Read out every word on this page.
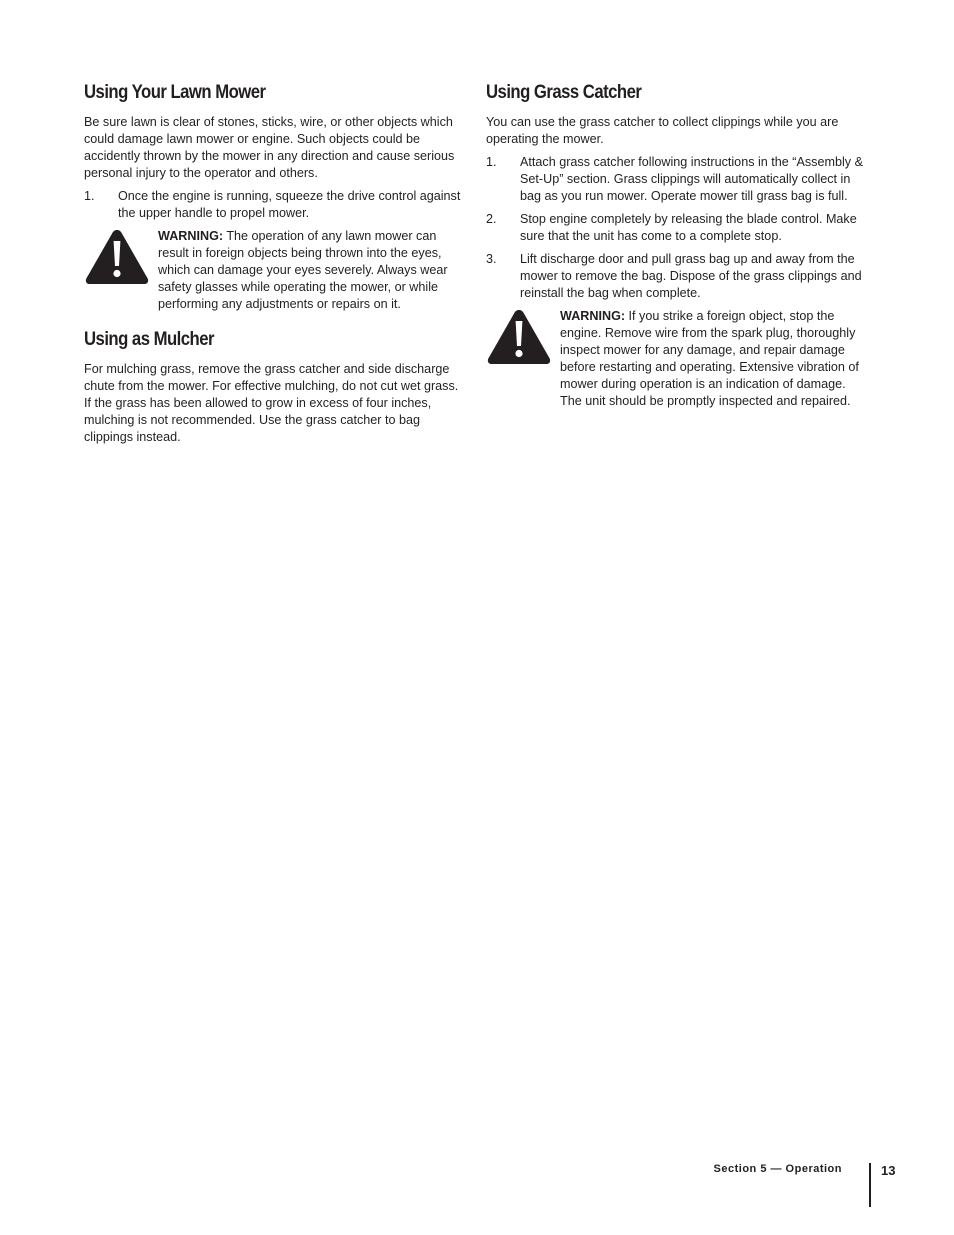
Using Your Lawn Mower

Be sure lawn is clear of stones, sticks, wire, or other objects which could damage lawn mower or engine. Such objects could be accidently thrown by the mower in any direction and cause serious personal injury to the operator and others.

1.	Once the engine is running, squeeze the drive control against the upper handle to propel mower.
WARNING: The operation of any lawn mower can result in foreign objects being thrown into the eyes, which can damage your eyes severely. Always wear safety glasses while operating the mower, or while performing any adjustments or repairs on it.
Using as Mulcher

For mulching grass, remove the grass catcher and side discharge chute from the mower. For effective mulching, do not cut wet grass. If the grass has been allowed to grow in excess of four inches, mulching is not recommended. Use the grass catcher to bag clippings instead.

Using Grass Catcher

You can use the grass catcher to collect clippings while you are operating the mower.

1.	Attach grass catcher following instructions in the “Assembly & Set-Up” section. Grass clippings will automatically collect in bag as you run mower. Operate mower till grass bag is full.
2.	Stop engine completely by releasing the blade control. Make sure that the unit has come to a complete stop.
3.	Lift discharge door and pull grass bag up and away from the mower to remove the bag. Dispose of the grass clippings and reinstall the bag when complete.
WARNING: If you strike a foreign object, stop the engine. Remove wire from the spark plug, thoroughly inspect mower for any damage, and repair damage before restarting and operating. Extensive vibration of mower during operation is an indication of damage. The unit should be promptly inspected and repaired.
Section 5 — Operation	13
